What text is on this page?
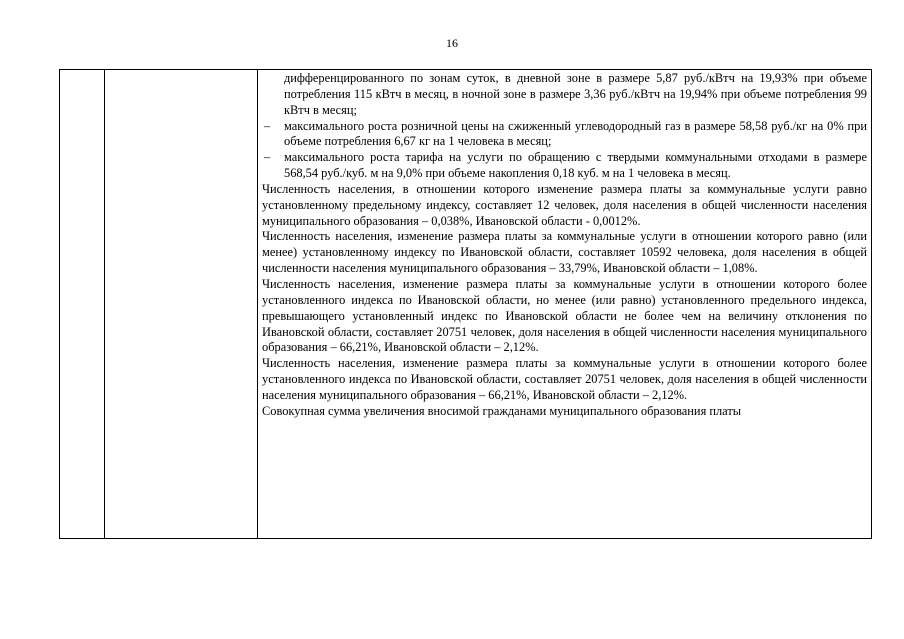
16

дифференцированного по зонам суток, в дневной зоне в размере 5,87 руб./кВтч на 19,93% при объеме потребления 115 кВтч в месяц, в ночной зоне в размере 3,36 руб./кВтч на 19,94% при объеме потребления 99 кВтч в месяц;

– максимального роста розничной цены на сжиженный углеводородный газ в размере 58,58 руб./кг на 0% при объеме потребления 6,67 кг на 1 человека в месяц;
– максимального роста тарифа на услуги по обращению с твердыми коммунальными отходами в размере 568,54 руб./куб. м на 9,0% при объеме накопления 0,18 куб. м на 1 человека в месяц.

Численность населения, в отношении которого изменение размера платы за коммунальные услуги равно установленному предельному индексу, составляет 12 человек, доля населения в общей численности населения муниципального образования – 0,038%, Ивановской области - 0,0012%.

Численность населения, изменение размера платы за коммунальные услуги в отношении которого равно (или менее) установленному индексу по Ивановской области, составляет 10592 человека, доля населения в общей численности населения муниципального образования – 33,79%, Ивановской области – 1,08%.

Численность населения, изменение размера платы за коммунальные услуги в отношении которого более установленного индекса по Ивановской области, но менее (или равно) установленного предельного индекса, превышающего установленный индекс по Ивановской области не более чем на величину отклонения по Ивановской области, составляет 20751 человек, доля населения в общей численности населения муниципального образования – 66,21%, Ивановской области – 2,12%.

Численность населения, изменение размера платы за коммунальные услуги в отношении которого более установленного индекса по Ивановской области, составляет 20751 человек, доля населения в общей численности населения муниципального образования – 66,21%, Ивановской области – 2,12%.

Совокупная сумма увеличения вносимой гражданами муниципального образования платы
